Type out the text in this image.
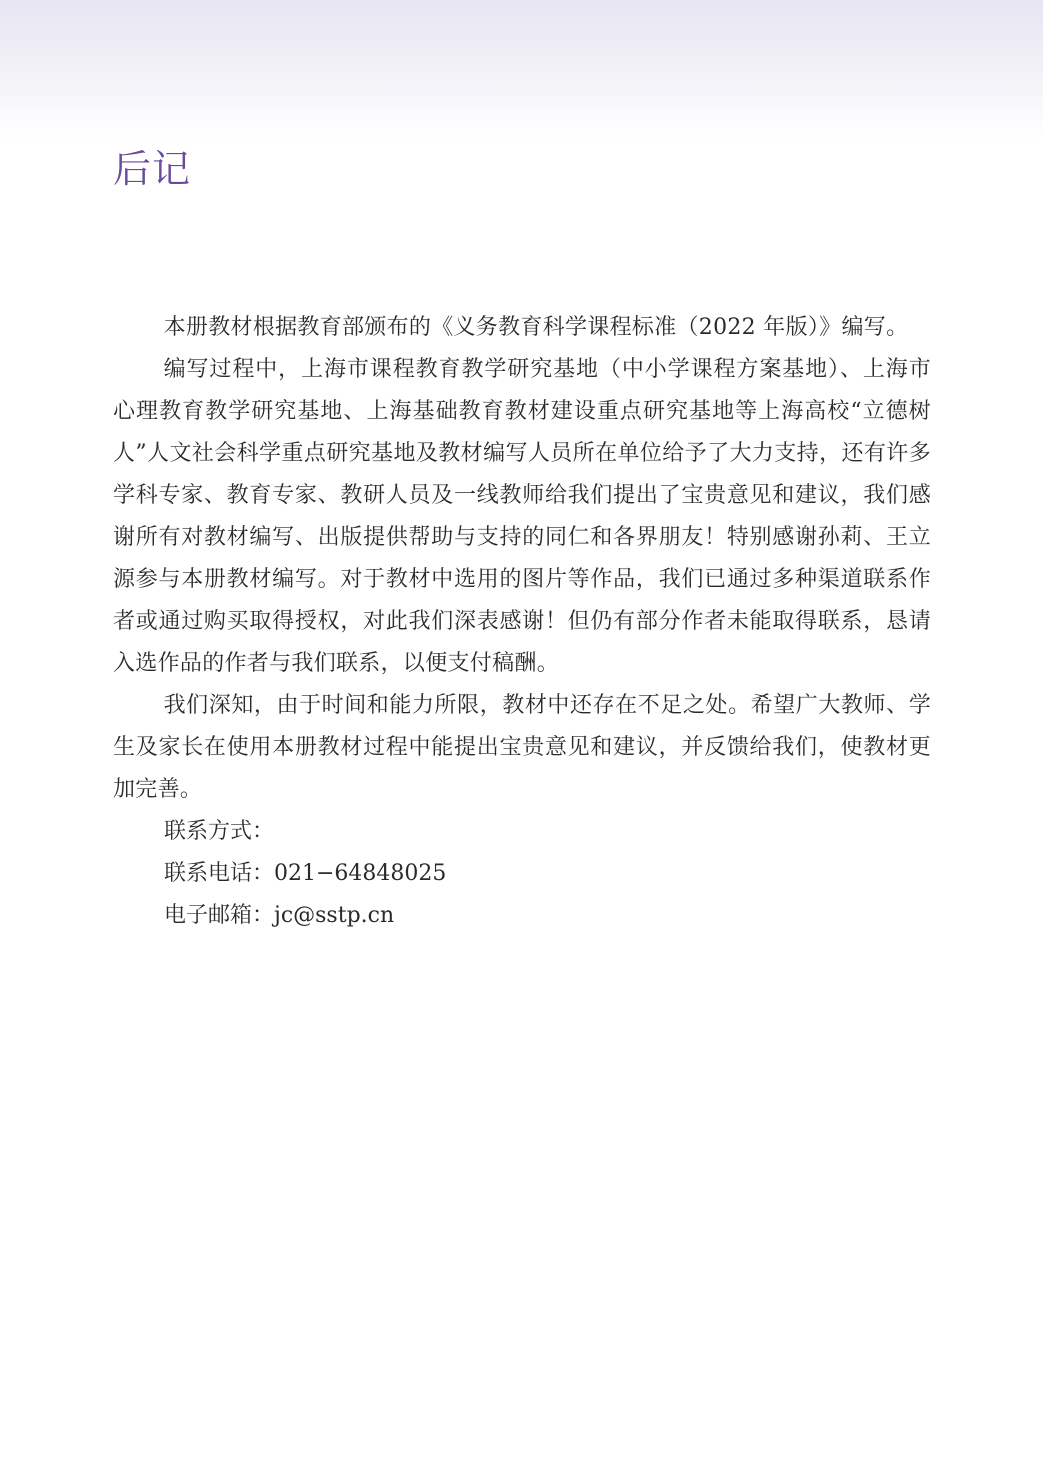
后记

本册教材根据教育部颁布的《义务教育科学课程标准（2022 年版）》编写。

编写过程中，上海市课程教育教学研究基地（中小学课程方案基地）、上海市心理教育教学研究基地、上海基础教育教材建设重点研究基地等上海高校“立德树人”人文社会科学重点研究基地及教材编写人员所在单位给予了大力支持，还有许多学科专家、教育专家、教研人员及一线教师给我们提出了宝贵意见和建议，我们感谢所有对教材编写、出版提供帮助与支持的同仁和各界朋友！特别感谢孙莉、王立源参与本册教材编写。对于教材中选用的图片等作品，我们已通过多种渠道联系作者或通过购买取得授权，对此我们深表感谢！但仍有部分作者未能取得联系，恳请入选作品的作者与我们联系，以便支付稿酬。

我们深知，由于时间和能力所限，教材中还存在不足之处。希望广大教师、学生及家长在使用本册教材过程中能提出宝贵意见和建议，并反馈给我们，使教材更加完善。

联系方式：
联系电话：021−64848025
电子邮箱：jc@sstp.cn
